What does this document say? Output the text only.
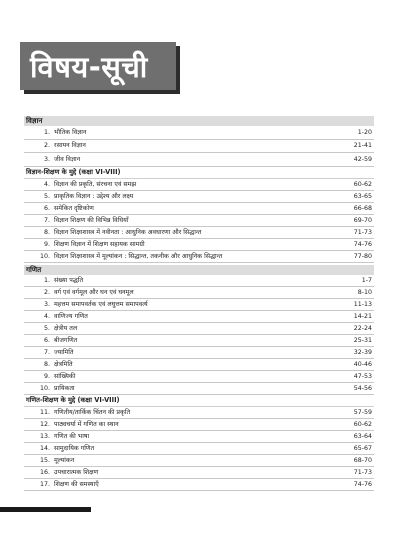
विषय-सूची
विज्ञान
1. भौतिक विज्ञान	1-20
2. रसायन विज्ञान	21-41
3. जीव विज्ञान	42-59
विज्ञान-शिक्षण के मुद्दे (कक्षा VI-VIII)
4. विज्ञान की प्रकृति, संरचना एवं समझ	60-62
5. प्राकृतिक विज्ञान : उद्देश्य और लक्ष्य	63-65
6. समेकित दृष्टिकोण	66-68
7. विज्ञान शिक्षण की विभिन्न विधियाँ	69-70
8. विज्ञान शिक्षाशास्त्र में नवीनता : आधुनिक अवधारणा और सिद्धान्त	71-73
9. शिक्षण विज्ञान में शिक्षण सहायक सामग्री	74-76
10. विज्ञान शिक्षाशास्त्र में मूल्यांकन : सिद्धान्त, तकनीक और आधुनिक सिद्धान्त	77-80
गणित
1. संख्या पद्धति	1-7
2. वर्ग एवं वर्गमूल और घन एवं घनमूल	8-10
3. महत्तम समापवर्तक एवं लघुत्तम समापवर्त्य	11-13
4. वाणिज्य गणित	14-21
5. क्षेत्रीय तल	22-24
6. बीजगणित	25-31
7. ज्यामिति	32-39
8. क्षेत्रमिति	40-46
9. सांख्यिकी	47-53
10. प्रायिकता	54-56
गणित-शिक्षण के मुद्दे (कक्षा VI-VIII)
11. गणितीय/तार्किक चिंतन की प्रकृति	57-59
12. पाठ्यचर्या में गणित का स्थान	60-62
13. गणित की भाषा	63-64
14. सामुदायिक गणित	65-67
15. मूल्यांकन	68-70
16. उपचारात्मक शिक्षण	71-73
17. शिक्षण की समस्याएँ	74-76
